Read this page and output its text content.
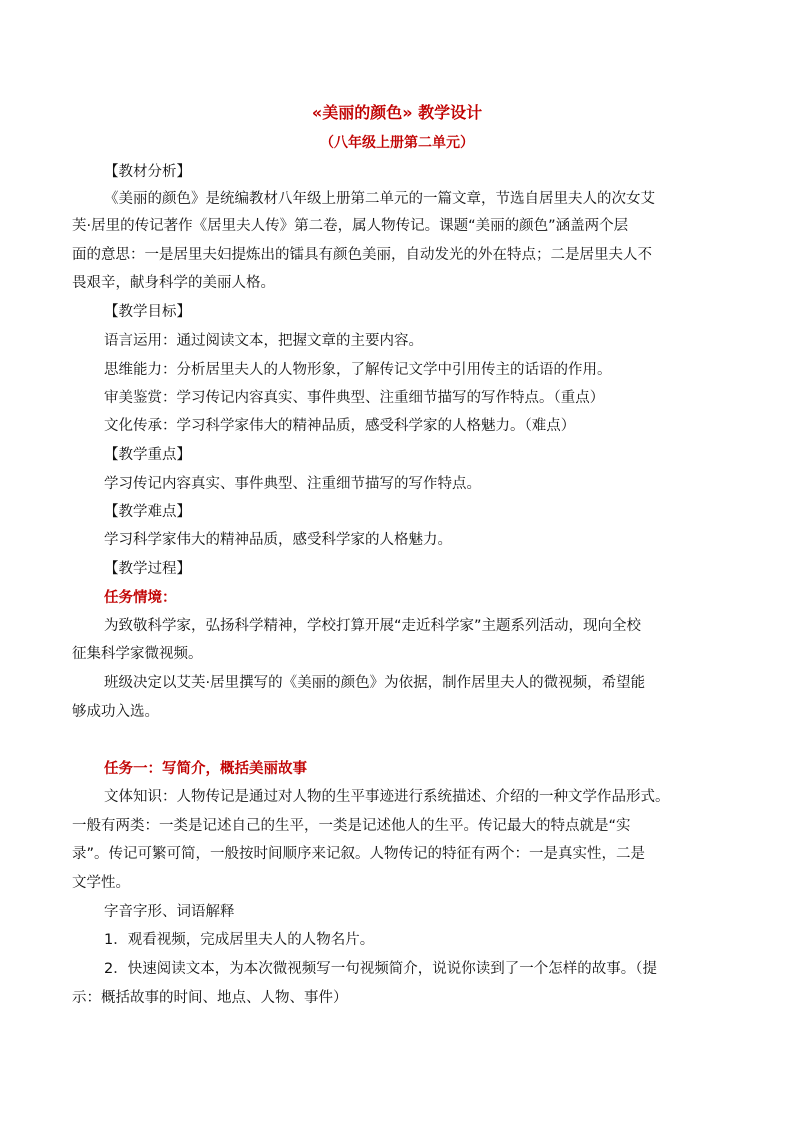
«美丽的颜色» 教学设计
（八年级上册第二单元）
【教材分析】
《美丽的颜色》是统编教材八年级上册第二单元的一篇文章，节选自居里夫人的次女艾
芙·居里的传记著作《居里夫人传》第二卷，属人物传记。课题“美丽的颜色”涵盖两个层
面的意思：一是居里夫妇提炼出的镭具有颜色美丽，自动发光的外在特点；二是居里夫人不
畏艰辛，献身科学的美丽人格。
【教学目标】
语言运用：通过阅读文本，把握文章的主要内容。
思维能力：分析居里夫人的人物形象，了解传记文学中引用传主的话语的作用。
审美鉴赏：学习传记内容真实、事件典型、注重细节描写的写作特点。（重点）
文化传承：学习科学家伟大的精神品质，感受科学家的人格魅力。（难点）
【教学重点】
学习传记内容真实、事件典型、注重细节描写的写作特点。
【教学难点】
学习科学家伟大的精神品质，感受科学家的人格魅力。
【教学过程】
任务情境：
为致敬科学家，弘扬科学精神，学校打算开展“走近科学家”主题系列活动，现向全校
征集科学家微视频。
班级决定以艾芙·居里撰写的《美丽的颜色》为依据，制作居里夫人的微视频，希望能
够成功入选。
任务一：写简介，概括美丽故事
文体知识：人物传记是通过对人物的生平事迹进行系统描述、介绍的一种文学作品形式。
一般有两类：一类是记述自己的生平，一类是记述他人的生平。传记最大的特点就是“实
录”。传记可繁可简，一般按时间顺序来记叙。人物传记的特征有两个：一是真实性，二是
文学性。
字音字形、词语解释
1．观看视频，完成居里夫人的人物名片。
2．快速阅读文本，为本次微视频写一句视频简介，说说你读到了一个怎样的故事。（提
示：概括故事的时间、地点、人物、事件）
